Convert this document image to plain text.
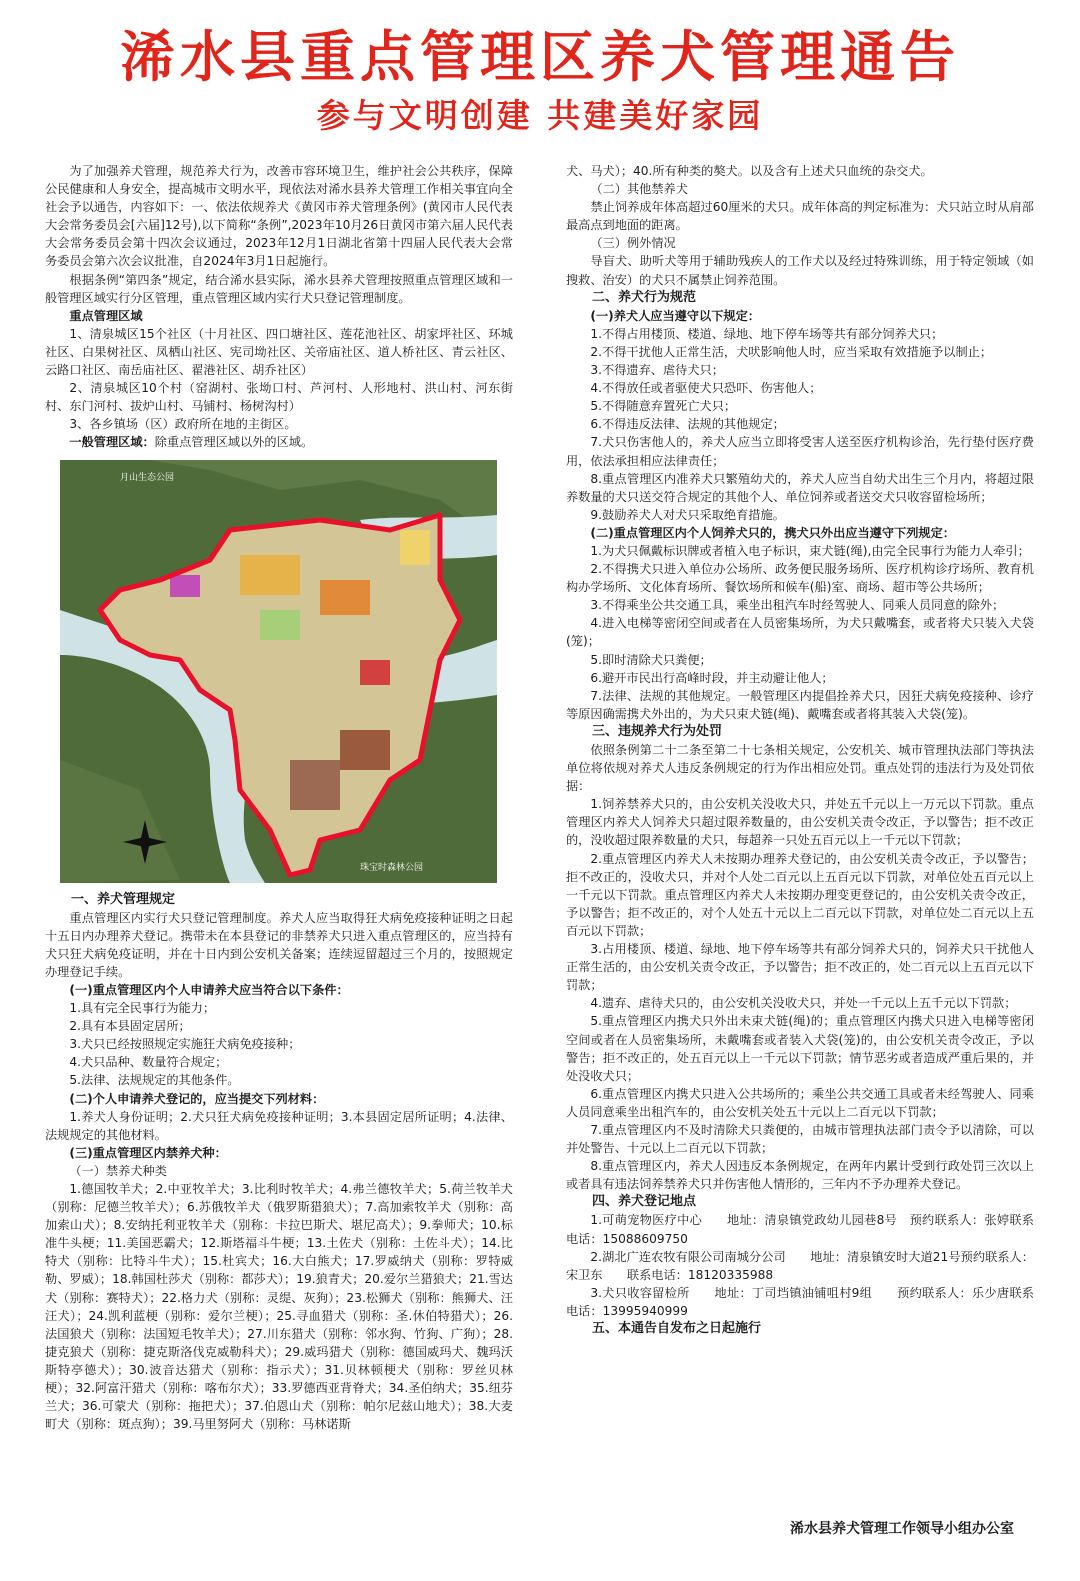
浠水县重点管理区养犬管理通告
参与文明创建 共建美好家园

为了加强养犬管理，规范养犬行为，改善市容环境卫生，维护社会公共秩序，保障公民健康和人身安全，提高城市文明水平，现依法对浠水县养犬管理工作相关事宜向全社会予以通告，内容如下：一、依法依规养犬《黄冈市养犬管理条例》(黄冈市人民代表大会常务委员会[六届]12号),以下简称“条例”,2023年10月26日黄冈市第六届人民代表大会常务委员会第十四次会议通过，2023年12月1日湖北省第十四届人民代表大会常务委员会第六次会议批准，自2024年3月1日起施行。

根据条例“第四条”规定，结合浠水县实际，浠水县养犬管理按照重点管理区域和一般管理区域实行分区管理，重点管理区域内实行犬只登记管理制度。

重点管理区域

1、清泉城区15个社区（十月社区、四口塘社区、莲花池社区、胡家坪社区、环城社区、白果树社区、凤栖山社区、宪司坳社区、关帝庙社区、道人桥社区、青云社区、云路口社区、南岳庙社区、翟港社区、胡乔社区）

2、清泉城区10个村（窑湖村、张坳口村、芦河村、人形地村、洪山村、河东街村、东门河村、拔炉山村、马铺村、杨树沟村）

3、各乡镇场（区）政府所在地的主街区。

一般管理区域：除重点管理区域以外的区域。

月山生态公园
珠宝时森林公园

一、养犬管理规定

重点管理区内实行犬只登记管理制度。养犬人应当取得狂犬病免疫接种证明之日起十五日内办理养犬登记。携带未在本县登记的非禁养犬只进入重点管理区的，应当持有犬只狂犬病免疫证明，并在十日内到公安机关备案；连续逗留超过三个月的，按照规定办理登记手续。

(一)重点管理区内个人申请养犬应当符合以下条件：

1.具有完全民事行为能力；

2.具有本县固定居所；

3.犬只已经按照规定实施狂犬病免疫接种；

4.犬只品种、数量符合规定；

5.法律、法规规定的其他条件。

(二)个人申请养犬登记的，应当提交下列材料：

1.养犬人身份证明；2.犬只狂犬病免疫接种证明；3.本县固定居所证明；4.法律、法规规定的其他材料。

(三)重点管理区内禁养犬种：

（一）禁养犬种类

1.德国牧羊犬；2.中亚牧羊犬；3.比利时牧羊犬；4.弗兰德牧羊犬；5.荷兰牧羊犬（别称：尼德兰牧羊犬）；6.苏俄牧羊犬（俄罗斯猎狼犬）；7.高加索牧羊犬（别称：高加索山犬）；8.安纳托利亚牧羊犬（别称：卡拉巴斯犬、堪尼高犬）；9.拳师犬；10.标准牛头梗；11.美国恶霸犬；12.斯塔福斗牛梗；13.土佐犬（别称：土佐斗犬）；14.比特犬（别称：比特斗牛犬）；15.杜宾犬；16.大白熊犬；17.罗威纳犬（别称：罗特威勒、罗威）；18.韩国杜莎犬（别称：都莎犬）；19.狼青犬；20.爱尔兰猎狼犬；21.雪达犬（别称：赛特犬）；22.格力犬（别称：灵缇、灰狗）；23.松狮犬（别称：熊狮犬、汪汪犬）；24.凯利蓝梗（别称：爱尔兰梗）；25.寻血猎犬（别称：圣.休伯特猎犬）；26.法国狼犬（别称：法国短毛牧羊犬）；27.川东猎犬（别称：邻水狗、竹狗、广狗）；28.捷克狼犬（别称：捷克斯洛伐克威勒科犬）；29.威玛猎犬（别称：德国威玛犬、魏玛沃斯特亭德犬）；30.波音达猎犬（别称：指示犬）；31.贝林顿梗犬（别称：罗丝贝林梗）；32.阿富汗猎犬（别称：喀布尔犬）；33.罗德西亚背脊犬；34.圣伯纳犬；35.纽芬兰犬；36.可蒙犬（别称：拖把犬）；37.伯恩山犬（别称：帕尔尼兹山地犬）；38.大麦町犬（别称：斑点狗）；39.马里努阿犬（别称：马林诺斯

犬、马犬）；40.所有种类的獒犬。以及含有上述犬只血统的杂交犬。

（二）其他禁养犬

禁止饲养成年体高超过60厘米的犬只。成年体高的判定标准为：犬只站立时从肩部最高点到地面的距离。

（三）例外情况

导盲犬、助听犬等用于辅助残疾人的工作犬以及经过特殊训练，用于特定领域（如搜救、治安）的犬只不属禁止饲养范围。

二、养犬行为规范

(一)养犬人应当遵守以下规定：

1.不得占用楼顶、楼道、绿地、地下停车场等共有部分饲养犬只；

2.不得干扰他人正常生活，犬吠影响他人时，应当采取有效措施予以制止；

3.不得遗弃、虐待犬只；

4.不得放任或者驱使犬只恐吓、伤害他人；

5.不得随意弃置死亡犬只；

6.不得违反法律、法规的其他规定；

7.犬只伤害他人的，养犬人应当立即将受害人送至医疗机构诊治，先行垫付医疗费用，依法承担相应法律责任；

8.重点管理区内准养犬只繁殖幼犬的，养犬人应当自幼犬出生三个月内，将超过限养数量的犬只送交符合规定的其他个人、单位饲养或者送交犬只收容留检场所；

9.鼓励养犬人对犬只采取绝育措施。

(二)重点管理区内个人饲养犬只的，携犬只外出应当遵守下列规定：

1.为犬只佩戴标识牌或者植入电子标识，束犬链(绳),由完全民事行为能力人牵引；

2.不得携犬只进入单位办公场所、政务便民服务场所、医疗机构诊疗场所、教育机构办学场所、文化体育场所、餐饮场所和候车(船)室、商场、超市等公共场所；

3.不得乘坐公共交通工具，乘坐出租汽车时经驾驶人、同乘人员同意的除外；

4.进入电梯等密闭空间或者在人员密集场所，为犬只戴嘴套，或者将犬只装入犬袋(笼)；

5.即时清除犬只粪便；

6.避开市民出行高峰时段，并主动避让他人；

7.法律、法规的其他规定。一般管理区内提倡拴养犬只，因狂犬病免疫接种、诊疗等原因确需携犬外出的，为犬只束犬链(绳)、戴嘴套或者将其装入犬袋(笼)。

三、违规养犬行为处罚

依照条例第二十二条至第二十七条相关规定，公安机关、城市管理执法部门等执法单位将依规对养犬人违反条例规定的行为作出相应处罚。重点处罚的违法行为及处罚依据：

1.饲养禁养犬只的，由公安机关没收犬只，并处五千元以上一万元以下罚款。重点管理区内养犬人饲养犬只超过限养数量的，由公安机关责令改正，予以警告；拒不改正的，没收超过限养数量的犬只，每超养一只处五百元以上一千元以下罚款；

2.重点管理区内养犬人未按期办理养犬登记的，由公安机关责令改正，予以警告；拒不改正的，没收犬只，并对个人处二百元以上五百元以下罚款，对单位处五百元以上一千元以下罚款。重点管理区内养犬人未按期办理变更登记的，由公安机关责令改正，予以警告；拒不改正的，对个人处五十元以上二百元以下罚款，对单位处二百元以上五百元以下罚款；

3.占用楼顶、楼道、绿地、地下停车场等共有部分饲养犬只的，饲养犬只干扰他人正常生活的，由公安机关责令改正，予以警告；拒不改正的，处二百元以上五百元以下罚款；

4.遗弃、虐待犬只的，由公安机关没收犬只，并处一千元以上五千元以下罚款；

5.重点管理区内携犬只外出未束犬链(绳)的；重点管理区内携犬只进入电梯等密闭空间或者在人员密集场所，未戴嘴套或者装入犬袋(笼)的，由公安机关责令改正，予以警告；拒不改正的，处五百元以上一千元以下罚款；情节恶劣或者造成严重后果的，并处没收犬只；

6.重点管理区内携犬只进入公共场所的；乘坐公共交通工具或者未经驾驶人、同乘人员同意乘坐出租汽车的，由公安机关处五十元以上二百元以下罚款；

7.重点管理区内不及时清除犬只粪便的，由城市管理执法部门责令予以清除，可以并处警告、十元以上二百元以下罚款；

8.重点管理区内，养犬人因违反本条例规定，在两年内累计受到行政处罚三次以上或者具有违法饲养禁养犬只并伤害他人情形的，三年内不予办理养犬登记。

四、养犬登记地点

1.可萌宠物医疗中心　　地址：清泉镇党政幼儿园巷8号　预约联系人：张婷联系电话：15088609750

2.湖北广连农牧有限公司南城分公司　　地址：清泉镇安时大道21号预约联系人：宋卫东　　联系电话：18120335988

3.犬只收容留检所　　地址：丁司垱镇油铺咀村9组　　预约联系人：乐少唐联系电话：13995940999

五、本通告自发布之日起施行

浠水县养犬管理工作领导小组办公室
